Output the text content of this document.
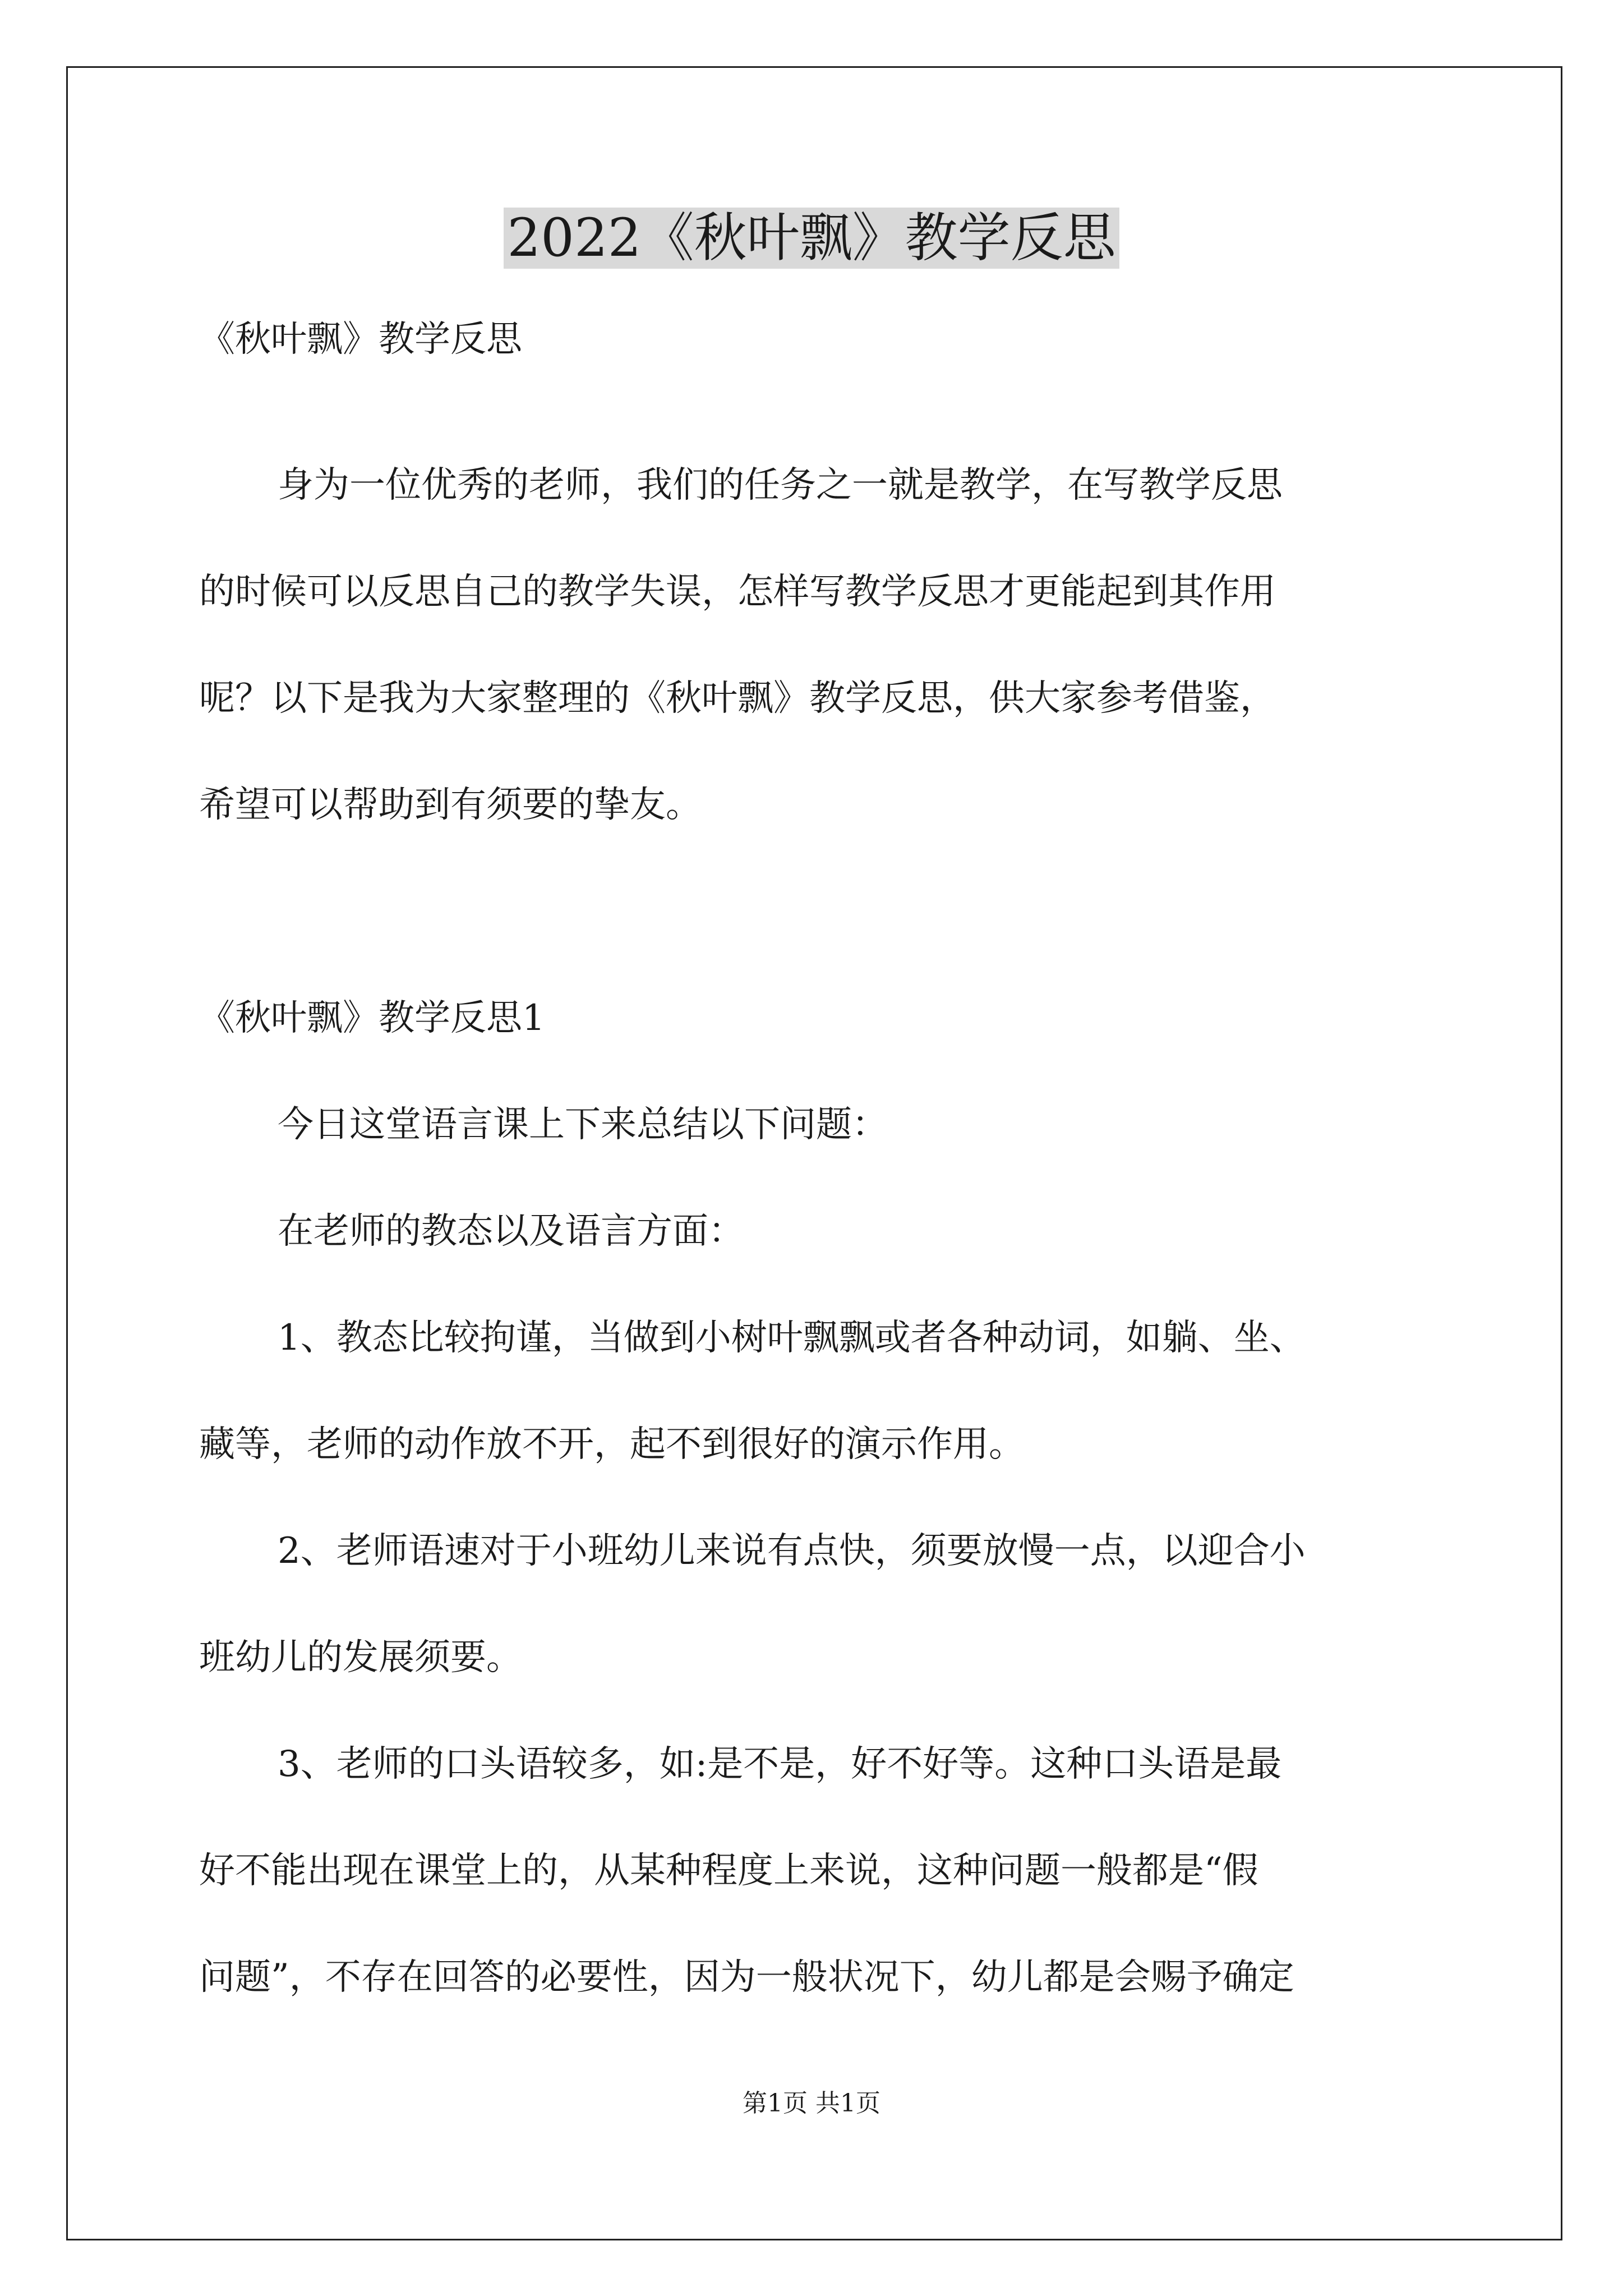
2022《秋叶飘》教学反思
《秋叶飘》教学反思
身为一位优秀的老师，我们的任务之一就是教学，在写教学反思
的时候可以反思自己的教学失误，怎样写教学反思才更能起到其作用
呢？以下是我为大家整理的《秋叶飘》教学反思，供大家参考借鉴，
希望可以帮助到有须要的挚友。
《秋叶飘》教学反思1
今日这堂语言课上下来总结以下问题：
在老师的教态以及语言方面：
1、教态比较拘谨，当做到小树叶飘飘或者各种动词，如躺、坐、
藏等，老师的动作放不开，起不到很好的演示作用。
2、老师语速对于小班幼儿来说有点快，须要放慢一点，以迎合小
班幼儿的发展须要。
3、老师的口头语较多，如:是不是，好不好等。这种口头语是最
好不能出现在课堂上的，从某种程度上来说，这种问题一般都是“假
问题”，不存在回答的必要性，因为一般状况下，幼儿都是会赐予确定
第1页 共1页
